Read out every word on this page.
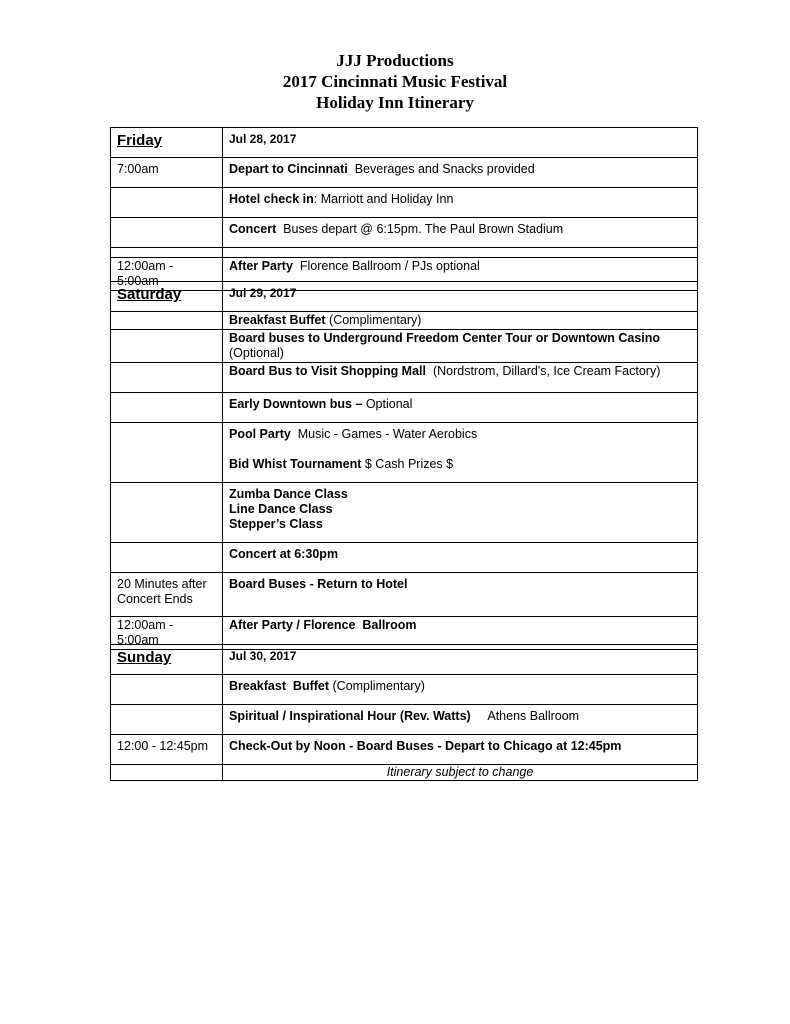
JJJ Productions
2017 Cincinnati Music Festival
Holiday Inn Itinerary
Friday	Jul 28, 2017
7:00am	Depart to Cincinnati  Beverages and Snacks provided
	Hotel check in: Marriott and Holiday Inn
	Concert  Buses depart @ 6:15pm. The Paul Brown Stadium

12:00am - 5:00am	After Party  Florence Ballroom / PJs optional
Saturday	Jul 29, 2017
	Breakfast Buffet (Complimentary)
	Board buses to Underground Freedom Center Tour or Downtown Casino
(Optional)
	Board Bus to Visit Shopping Mall  (Nordstrom, Dillard's, Ice Cream Factory)
	Early Downtown bus – Optional
	Pool Party  Music - Games - Water Aerobics

Bid Whist Tournament $ Cash Prizes $
	Zumba Dance Class
Line Dance Class
Stepper’s Class
	Concert at 6:30pm
20 Minutes after Concert Ends	Board Buses - Return to Hotel
12:00am - 5:00am	After Party / Florence  Ballroom
Sunday	Jul 30, 2017
	Breakfast  Buffet (Complimentary)
	Spiritual / Inspirational Hour (Rev. Watts)     Athens Ballroom
12:00 - 12:45pm	Check-Out by Noon - Board Buses - Depart to Chicago at 12:45pm
	Itinerary subject to change
